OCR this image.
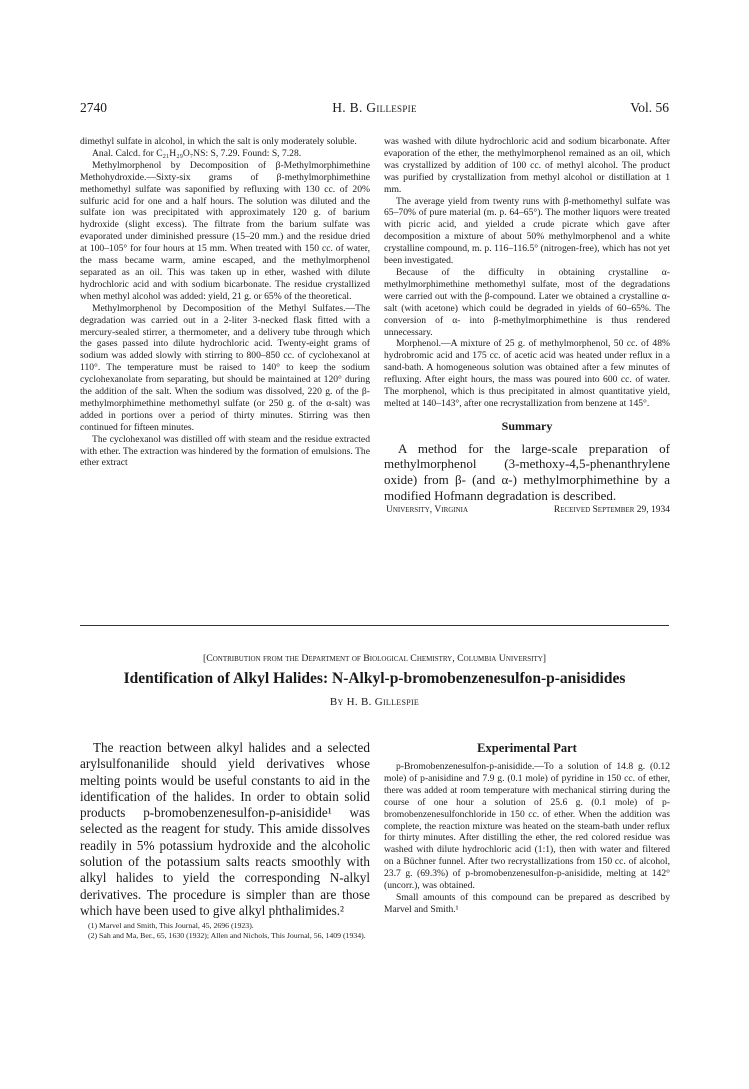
2740	H. B. Gillespie	Vol. 56

dimethyl sulfate in alcohol, in which the salt is only moderately soluble.

Anal. Calcd. for C₂₁H₂₉O₇NS: S, 7.29. Found: S, 7.28.

Methylmorphenol by Decomposition of β-Methylmorphimethine Methohydroxide.—Sixty-six grams of β-methylmorphimethine methomethyl sulfate was saponified by refluxing with 130 cc. of 20% sulfuric acid for one and a half hours. The solution was diluted and the sulfate ion was precipitated with approximately 120 g. of barium hydroxide (slight excess). The filtrate from the barium sulfate was evaporated under diminished pressure (15–20 mm.) and the residue dried at 100–105° for four hours at 15 mm. When treated with 150 cc. of water, the mass became warm, amine escaped, and the methylmorphenol separated as an oil. This was taken up in ether, washed with dilute hydrochloric acid and with sodium bicarbonate. The residue crystallized when methyl alcohol was added: yield, 21 g. or 65% of the theoretical.

Methylmorphenol by Decomposition of the Methyl Sulfates.—The degradation was carried out in a 2-liter 3-necked flask fitted with a mercury-sealed stirrer, a thermometer, and a delivery tube through which the gases passed into dilute hydrochloric acid. Twenty-eight grams of sodium was added slowly with stirring to 800–850 cc. of cyclohexanol at 110°. The temperature must be raised to 140° to keep the sodium cyclohexanolate from separating, but should be maintained at 120° during the addition of the salt. When the sodium was dissolved, 220 g. of the β-methylmorphimethine methomethyl sulfate (or 250 g. of the α-salt) was added in portions over a period of thirty minutes. Stirring was then continued for fifteen minutes.

The cyclohexanol was distilled off with steam and the residue extracted with ether. The extraction was hindered by the formation of emulsions. The ether extract

was washed with dilute hydrochloric acid and sodium bicarbonate. After evaporation of the ether, the methylmorphenol remained as an oil, which was crystallized by addition of 100 cc. of methyl alcohol. The product was purified by crystallization from methyl alcohol or distillation at 1 mm.

The average yield from twenty runs with β-methomethyl sulfate was 65–70% of pure material (m. p. 64–65°). The mother liquors were treated with picric acid, and yielded a crude picrate which gave after decomposition a mixture of about 50% methylmorphenol and a white crystalline compound, m. p. 116–116.5° (nitrogen-free), which has not yet been investigated.

Because of the difficulty in obtaining crystalline α-methylmorphimethine methomethyl sulfate, most of the degradations were carried out with the β-compound. Later we obtained a crystalline α-salt (with acetone) which could be degraded in yields of 60–65%. The conversion of α- into β-methylmorphimethine is thus rendered unnecessary.

Morphenol.—A mixture of 25 g. of methylmorphenol, 50 cc. of 48% hydrobromic acid and 175 cc. of acetic acid was heated under reflux in a sand-bath. A homogeneous solution was obtained after a few minutes of refluxing. After eight hours, the mass was poured into 600 cc. of water. The morphenol, which is thus precipitated in almost quantitative yield, melted at 140–143°, after one recrystallization from benzene at 145°.

Summary

A method for the large-scale preparation of methylmorphenol (3-methoxy-4,5-phenanthrylene oxide) from β- (and α-) methylmorphimethine by a modified Hofmann degradation is described.

University, Virginia	Received September 29, 1934
[Contribution from the Department of Biological Chemistry, Columbia University]
Identification of Alkyl Halides: N-Alkyl-p-bromobenzenesulfon-p-anisidides
By H. B. Gillespie

The reaction between alkyl halides and a selected arylsulfonanilide should yield derivatives whose melting points would be useful constants to aid in the identification of the halides. In order to obtain solid products p-bromobenzenesulfon-p-anisidide¹ was selected as the reagent for study. This amide dissolves readily in 5% potassium hydroxide and the alcoholic solution of the potassium salts reacts smoothly with alkyl halides to yield the corresponding N-alkyl derivatives. The procedure is simpler than are those which have been used to give alkyl phthalimides.²

(1) Marvel and Smith, This Journal, 45, 2696 (1923).
(2) Sah and Ma, Ber., 65, 1630 (1932); Allen and Nichols, This Journal, 56, 1409 (1934).
Experimental Part

p-Bromobenzenesulfon-p-anisidide.—To a solution of 14.8 g. (0.12 mole) of p-anisidine and 7.9 g. (0.1 mole) of pyridine in 150 cc. of ether, there was added at room temperature with mechanical stirring during the course of one hour a solution of 25.6 g. (0.1 mole) of p-bromobenzenesulfonchloride in 150 cc. of ether. When the addition was complete, the reaction mixture was heated on the steam-bath under reflux for thirty minutes. After distilling the ether, the red colored residue was washed with dilute hydrochloric acid (1:1), then with water and filtered on a Büchner funnel. After two recrystallizations from 150 cc. of alcohol, 23.7 g. (69.3%) of p-bromobenzenesulfon-p-anisidide, melting at 142° (uncorr.), was obtained.

Small amounts of this compound can be prepared as described by Marvel and Smith.¹
